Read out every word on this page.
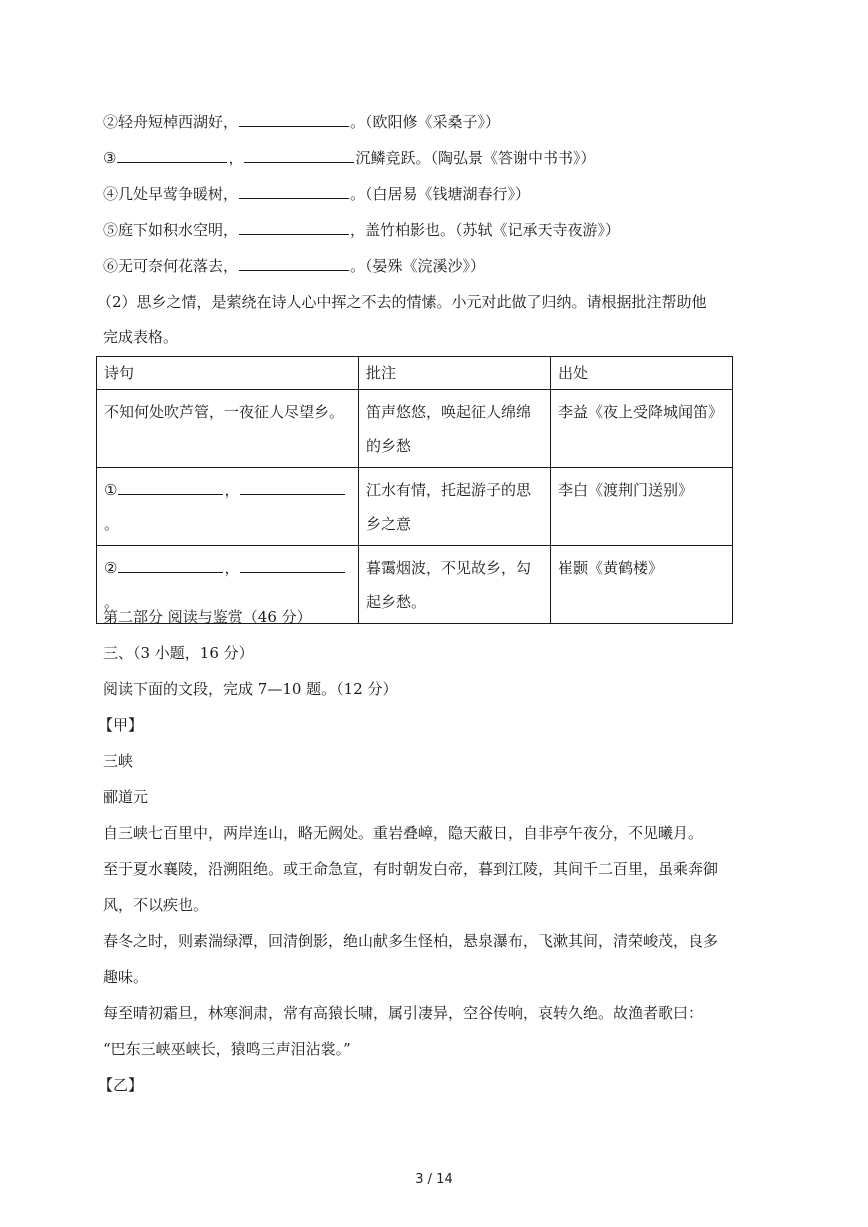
②轻舟短棹西湖好，	。（欧阳修《采桑子》）
③	，	沉鳞竞跃。（陶弘景《答谢中书书》）
④几处早莺争暖树，	。（白居易《钱塘湖春行》）
⑤庭下如积水空明，	，盖竹柏影也。（苏轼《记承天寺夜游》）
⑥无可奈何花落去，	。（晏殊《浣溪沙》）
（2）思乡之情，是萦绕在诗人心中挥之不去的情愫。小元对此做了归纳。请根据批注帮助他
完成表格。
诗句	批注	出处
不知何处吹芦管，一夜征人尽望乡。	笛声悠悠，唤起征人绵绵的乡愁	李益《夜上受降城闻笛》
① ，
。	江水有情，托起游子的思乡之意	李白《渡荆门送别》
② ，
。	暮霭烟波，不见故乡，勾起乡愁。	崔颢《黄鹤楼》
第二部分 阅读与鉴赏（46 分）
三、（3 小题，16 分）
阅读下面的文段，完成 7—10 题。（12 分）
【甲】
三峡
郦道元
自三峡七百里中，两岸连山，略无阙处。重岩叠嶂，隐天蔽日，自非亭午夜分，不见曦月。
至于夏水襄陵，沿溯阻绝。或王命急宣，有时朝发白帝，暮到江陵，其间千二百里，虽乘奔御
风，不以疾也。
春冬之时，则素湍绿潭，回清倒影，绝山献多生怪柏，悬泉瀑布，飞漱其间，清荣峻茂，良多
趣味。
每至晴初霜旦，林寒涧肃，常有高猿长啸，属引凄异，空谷传响，哀转久绝。故渔者歌曰：
“巴东三峡巫峡长，猿鸣三声泪沾裳。”
【乙】
3 / 14
